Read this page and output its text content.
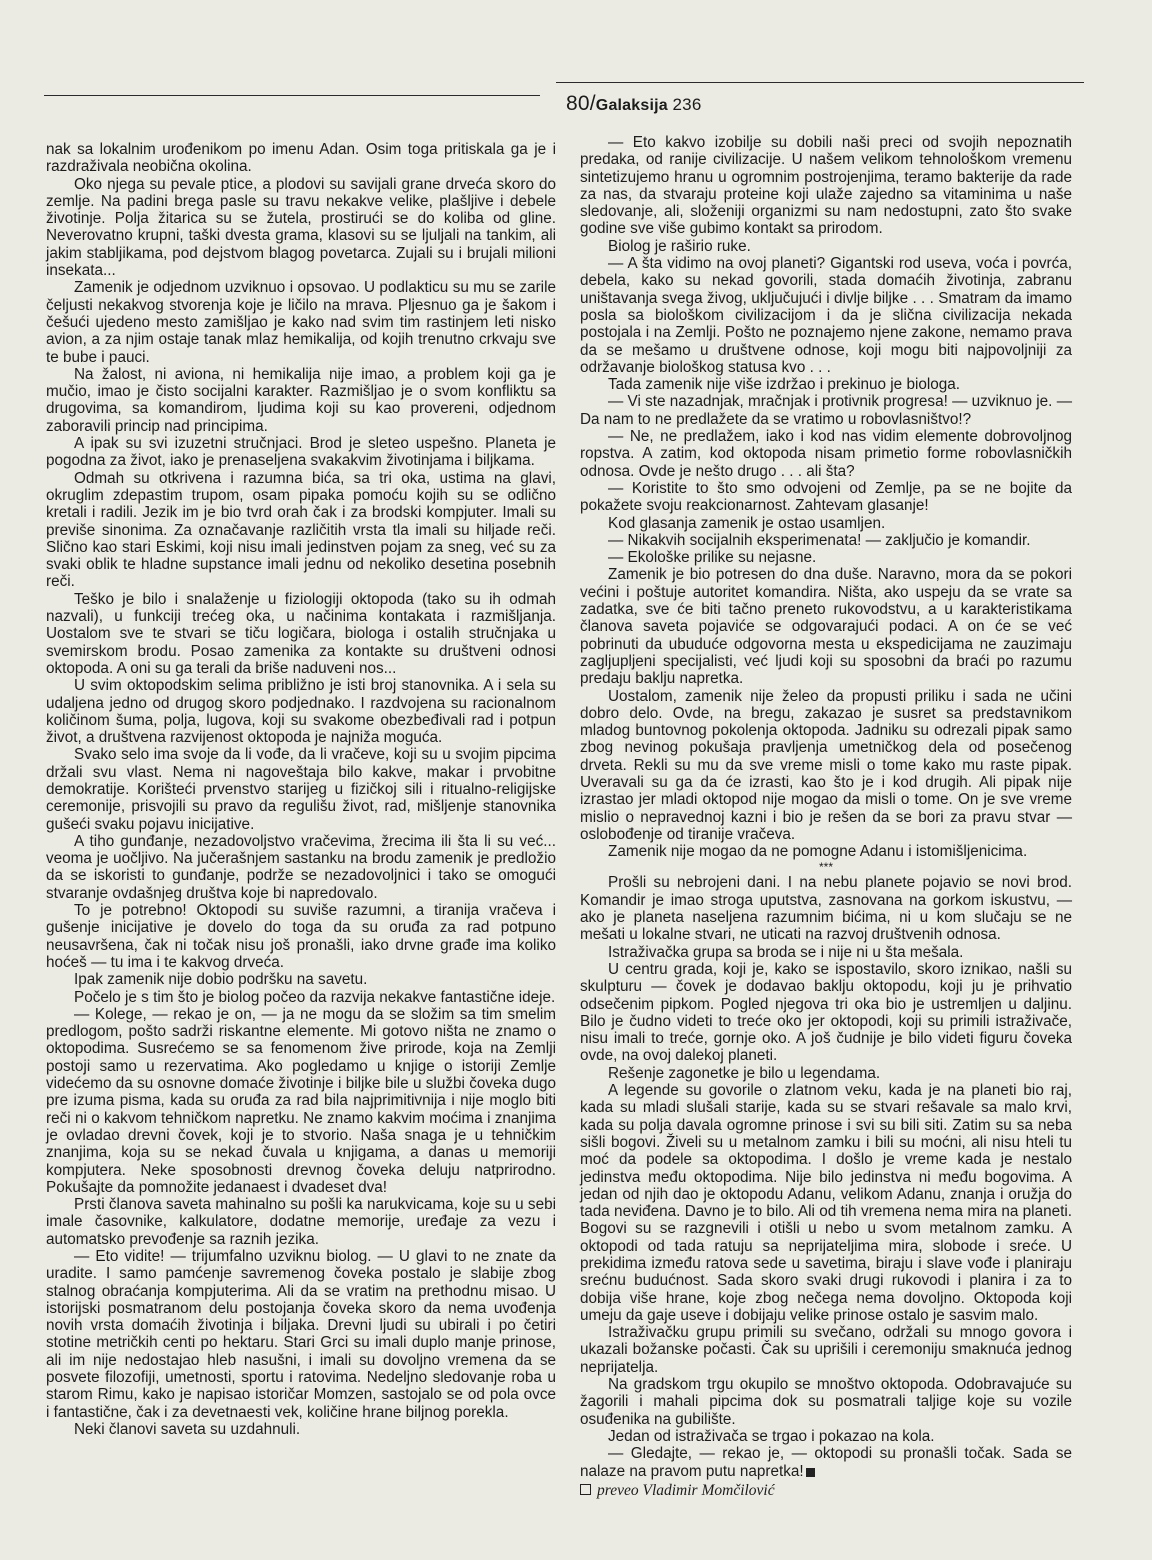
80/Galaksija 236

nak sa lokalnim urođenikom po imenu Adan. Osim toga pritiskala ga je i razdraživala neobična okolina.

Oko njega su pevale ptice, a plodovi su savijali grane drveća skoro do zemlje. Na padini brega pasle su travu nekakve velike, plašljive i debele životinje. Polja žitarica su se žutela, prostirući se do koliba od gline. Neverovatno krupni, taški dvesta grama, klasovi su se ljuljali na tankim, ali jakim stabljikama, pod dejstvom blagog povetarca. Zujali su i brujali milioni insekata...

Zamenik je odjednom uzviknuo i opsovao. U podlakticu su mu se zarile čeljusti nekakvog stvorenja koje je ličilo na mrava. Pljesnuo ga je šakom i češući ujedeno mesto zamišljao je kako nad svim tim rastinjem leti nisko avion, a za njim ostaje tanak mlaz hemikalija, od kojih trenutno crkvaju sve te bube i pauci.

Na žalost, ni aviona, ni hemikalija nije imao, a problem koji ga je mučio, imao je čisto socijalni karakter. Razmišljao je o svom konfliktu sa drugovima, sa komandirom, ljudima koji su kao provereni, odjednom zaboravili princip nad principima.

A ipak su svi izuzetni stručnjaci. Brod je sleteo uspešno. Planeta je pogodna za život, iako je prenaseljena svakakvim životinjama i biljkama.

Odmah su otkrivena i razumna bića, sa tri oka, ustima na glavi, okruglim zdepastim trupom, osam pipaka pomoću kojih su se odlično kretali i radili. Jezik im je bio tvrd orah čak i za brodski kompjuter. Imali su previše sinonima. Za označavanje različitih vrsta tla imali su hiljade reči. Slično kao stari Eskimi, koji nisu imali jedinstven pojam za sneg, već su za svaki oblik te hladne supstance imali jednu od nekoliko desetina posebnih reči.

Teško je bilo i snalaženje u fiziologiji oktopoda (tako su ih odmah nazvali), u funkciji trećeg oka, u načinima kontakata i razmišljanja. Uostalom sve te stvari se tiču logičara, biologa i ostalih stručnjaka u svemirskom brodu. Posao zamenika za kontakte su društveni odnosi oktopoda. A oni su ga terali da briše naduveni nos...

U svim oktopodskim selima približno je isti broj stanovnika. A i sela su udaljena jedno od drugog skoro podjednako. I razdvojena su racionalnom količinom šuma, polja, lugova, koji su svakome obezbeđivali rad i potpun život, a društvena razvijenost oktopoda je najniža moguća.

Svako selo ima svoje da li vođe, da li vračeve, koji su u svojim pipcima držali svu vlast. Nema ni nagoveštaja bilo kakve, makar i prvobitne demokratije. Korišteći prvenstvo starijeg u fizičkoj sili i ritualno-religijske ceremonije, prisvojili su pravo da regulišu život, rad, mišljenje stanovnika gušeći svaku pojavu inicijative.

A tiho gunđanje, nezadovoljstvo vračevima, žrecima ili šta li su već... veoma je uočljivo. Na jučerašnjem sastanku na brodu zamenik je predložio da se iskoristi to gunđanje, podrže se nezadovoljnici i tako se omogući stvaranje ovdašnjeg društva koje bi napredovalo.

To je potrebno! Oktopodi su suviše razumni, a tiranija vračeva i gušenje inicijative je dovelo do toga da su oruđa za rad potpuno neusavršena, čak ni točak nisu još pronašli, iako drvne građe ima koliko hoćeš — tu ima i te kakvog drveća.

Ipak zamenik nije dobio podršku na savetu.

Počelo je s tim što je biolog počeo da razvija nekakve fantastične ideje.

— Kolege, — rekao je on, — ja ne mogu da se složim sa tim smelim predlogom, pošto sadrži riskantne elemente. Mi gotovo ništa ne znamo o oktopodima. Susrećemo se sa fenomenom žive prirode, koja na Zemlji postoji samo u rezervatima. Ako pogledamo u knjige o istoriji Zemlje videćemo da su osnovne domaće životinje i biljke bile u službi čoveka dugo pre izuma pisma, kada su oruđa za rad bila najprimitivnija i nije moglo biti reči ni o kakvom tehničkom napretku. Ne znamo kakvim moćima i znanjima je ovladao drevni čovek, koji je to stvorio. Naša snaga je u tehničkim znanjima, koja su se nekad čuvala u knjigama, a danas u memoriji kompjutera. Neke sposobnosti drevnog čoveka deluju natprirodno. Pokušajte da pomnožite jedanaest i dvadeset dva!

Prsti članova saveta mahinalno su pošli ka narukvicama, koje su u sebi imale časovnike, kalkulatore, dodatne memorije, uređaje za vezu i automatsko prevođenje sa raznih jezika.

— Eto vidite! — trijumfalno uzviknu biolog. — U glavi to ne znate da uradite. I samo pamćenje savremenog čoveka postalo je slabije zbog stalnog obraćanja kompjuterima. Ali da se vratim na prethodnu misao. U istorijski posmatranom delu postojanja čoveka skoro da nema uvođenja novih vrsta domaćih životinja i biljaka. Drevni ljudi su ubirali i po četiri stotine metričkih centi po hektaru. Stari Grci su imali duplo manje prinose, ali im nije nedostajao hleb nasušni, i imali su dovoljno vremena da se posvete filozofiji, umetnosti, sportu i ratovima. Nedeljno sledovanje roba u starom Rimu, kako je napisao istoričar Momzen, sastojalo se od pola ovce i fantastične, čak i za devetnaesti vek, količine hrane biljnog porekla.

Neki članovi saveta su uzdahnuli.

— Eto kakvo izobilje su dobili naši preci od svojih nepoznatih predaka, od ranije civilizacije. U našem velikom tehnološkom vremenu sintetizujemo hranu u ogromnim postrojenjima, teramo bakterije da rade za nas, da stvaraju proteine koji ulaže zajedno sa vitaminima u naše sledovanje, ali, složeniji organizmi su nam nedostupni, zato što svake godine sve više gubimo kontakt sa prirodom.

Biolog je raširio ruke.

— A šta vidimo na ovoj planeti? Gigantski rod useva, voća i povrća, debela, kako su nekad govorili, stada domaćih životinja, zabranu uništavanja svega živog, uključujući i divlje biljke . . . Smatram da imamo posla sa biološkom civilizacijom i da je slična civilizacija nekada postojala i na Zemlji. Pošto ne poznajemo njene zakone, nemamo prava da se mešamo u društvene odnose, koji mogu biti najpovoljniji za održavanje biološkog statusa kvo . . .

Tada zamenik nije više izdržao i prekinuo je biologa.

— Vi ste nazadnjak, mračnjak i protivnik progresa! — uzviknuo je. — Da nam to ne predlažete da se vratimo u robovlasništvo!?

— Ne, ne predlažem, iako i kod nas vidim elemente dobrovoljnog ropstva. A zatim, kod oktopoda nisam primetio forme robovlasničkih odnosa. Ovde je nešto drugo . . . ali šta?

— Koristite to što smo odvojeni od Zemlje, pa se ne bojite da pokažete svoju reakcionarnost. Zahtevam glasanje!

Kod glasanja zamenik je ostao usamljen.

— Nikakvih socijalnih eksperimenata! — zaključio je komandir.

— Ekološke prilike su nejasne.

Zamenik je bio potresen do dna duše. Naravno, mora da se pokori većini i poštuje autoritet komandira. Ništa, ako uspeju da se vrate sa zadatka, sve će biti tačno preneto rukovodstvu, a u karakteristikama članova saveta pojaviće se odgovarajući podaci. A on će se već pobrinuti da ubuduće odgovorna mesta u ekspedicijama ne zauzimaju zagljupljeni specijalisti, već ljudi koji su sposobni da braći po razumu predaju baklju napretka.

Uostalom, zamenik nije želeo da propusti priliku i sada ne učini dobro delo. Ovde, na bregu, zakazao je susret sa predstavnikom mladog buntovnog pokolenja oktopoda. Jadniku su odrezali pipak samo zbog nevinog pokušaja pravljenja umetničkog dela od posečenog drveta. Rekli su mu da sve vreme misli o tome kako mu raste pipak. Uveravali su ga da će izrasti, kao što je i kod drugih. Ali pipak nije izrastao jer mladi oktopod nije mogao da misli o tome. On je sve vreme mislio o nepravednoj kazni i bio je rešen da se bori za pravu stvar — oslobođenje od tiranije vračeva.

Zamenik nije mogao da ne pomogne Adanu i istomišljenicima.

***

Prošli su nebrojeni dani. I na nebu planete pojavio se novi brod. Komandir je imao stroga uputstva, zasnovana na gorkom iskustvu, — ako je planeta naseljena razumnim bićima, ni u kom slučaju se ne mešati u lokalne stvari, ne uticati na razvoj društvenih odnosa.

Istraživačka grupa sa broda se i nije ni u šta mešala.

U centru grada, koji je, kako se ispostavilo, skoro iznikao, našli su skulpturu — čovek je dodavao baklju oktopodu, koji ju je prihvatio odsečenim pipkom. Pogled njegova tri oka bio je ustremljen u daljinu. Bilo je čudno videti to treće oko jer oktopodi, koji su primili istraživače, nisu imali to treće, gornje oko. A još čudnije je bilo videti figuru čoveka ovde, na ovoj dalekoj planeti.

Rešenje zagonetke je bilo u legendama.

A legende su govorile o zlatnom veku, kada je na planeti bio raj, kada su mladi slušali starije, kada su se stvari rešavale sa malo krvi, kada su polja davala ogromne prinose i svi su bili siti. Zatim su sa neba sišli bogovi. Živeli su u metalnom zamku i bili su moćni, ali nisu hteli tu moć da podele sa oktopodima. I došlo je vreme kada je nestalo jedinstva među oktopodima. Nije bilo jedinstva ni među bogovima. A jedan od njih dao je oktopodu Adanu, velikom Adanu, znanja i oružja do tada neviđena. Davno je to bilo. Ali od tih vremena nema mira na planeti. Bogovi su se razgnevili i otišli u nebo u svom metalnom zamku. A oktopodi od tada ratuju sa neprijateljima mira, slobode i sreće. U prekidima između ratova sede u savetima, biraju i slave vođe i planiraju srećnu budućnost. Sada skoro svaki drugi rukovodi i planira i za to dobija više hrane, koje zbog nečega nema dovoljno. Oktopoda koji umeju da gaje useve i dobijaju velike prinose ostalo je sasvim malo.

Istraživačku grupu primili su svečano, održali su mnogo govora i ukazali božanske počasti. Čak su uprišili i ceremoniju smaknuća jednog neprijatelja.

Na gradskom trgu okupilo se mnoštvo oktopoda. Odobravajuće su žagorili i mahali pipcima dok su posmatrali taljige koje su vozile osuđenika na gubilište.

Jedan od istraživača se trgao i pokazao na kola.

— Gledajte, — rekao je, — oktopodi su pronašli točak. Sada se nalaze na pravom putu napretka!

preveo Vladimir Momčilović
